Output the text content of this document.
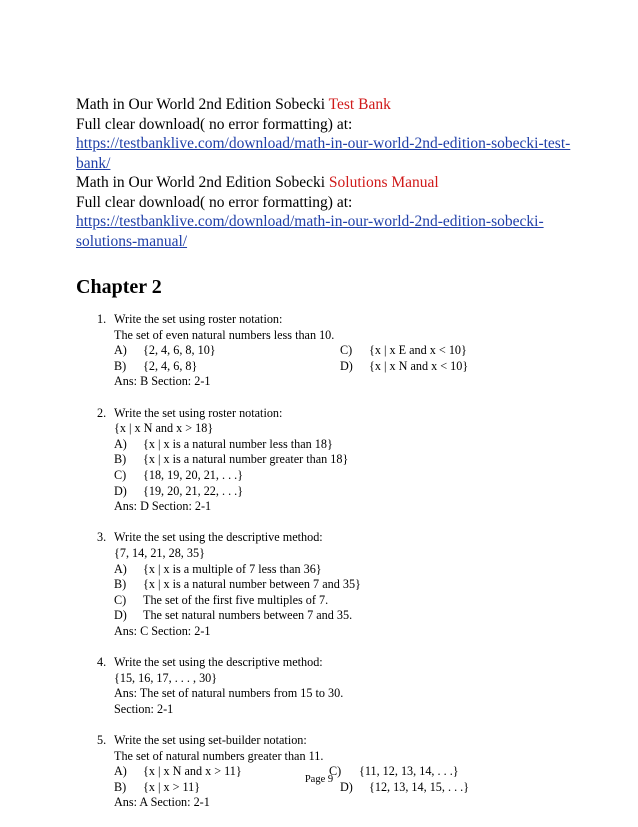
Math in Our World 2nd Edition Sobecki Test Bank
Full clear download( no error formatting) at:
https://testbanklive.com/download/math-in-our-world-2nd-edition-sobecki-test-bank/
Math in Our World 2nd Edition Sobecki Solutions Manual
Full clear download( no error formatting) at:
https://testbanklive.com/download/math-in-our-world-2nd-edition-sobecki-solutions-manual/
Chapter 2
1. Write the set using roster notation:
The set of even natural numbers less than 10.
A) {2, 4, 6, 8, 10}	C) {x | x E and x < 10}
B) {2, 4, 6, 8}	D) {x | x N and x < 10}
Ans: B Section: 2-1
2. Write the set using roster notation:
{x | x N and x > 18}
A) {x | x is a natural number less than 18}
B) {x | x is a natural number greater than 18}
C) {18, 19, 20, 21, . . .}
D) {19, 20, 21, 22, . . .}
Ans: D Section: 2-1
3. Write the set using the descriptive method:
{7, 14, 21, 28, 35}
A) {x | x is a multiple of 7 less than 36}
B) {x | x is a natural number between 7 and 35}
C) The set of the first five multiples of 7.
D) The set natural numbers between 7 and 35.
Ans: C Section: 2-1
4. Write the set using the descriptive method:
{15, 16, 17, . . . , 30}
Ans: The set of natural numbers from 15 to 30.
Section: 2-1
5. Write the set using set-builder notation:
The set of natural numbers greater than 11.
A) {x | x N and x > 11}	C) {11, 12, 13, 14, . . .}
B) {x | x > 11}	D) {12, 13, 14, 15, . . .}
Ans: A Section: 2-1
Page 9
